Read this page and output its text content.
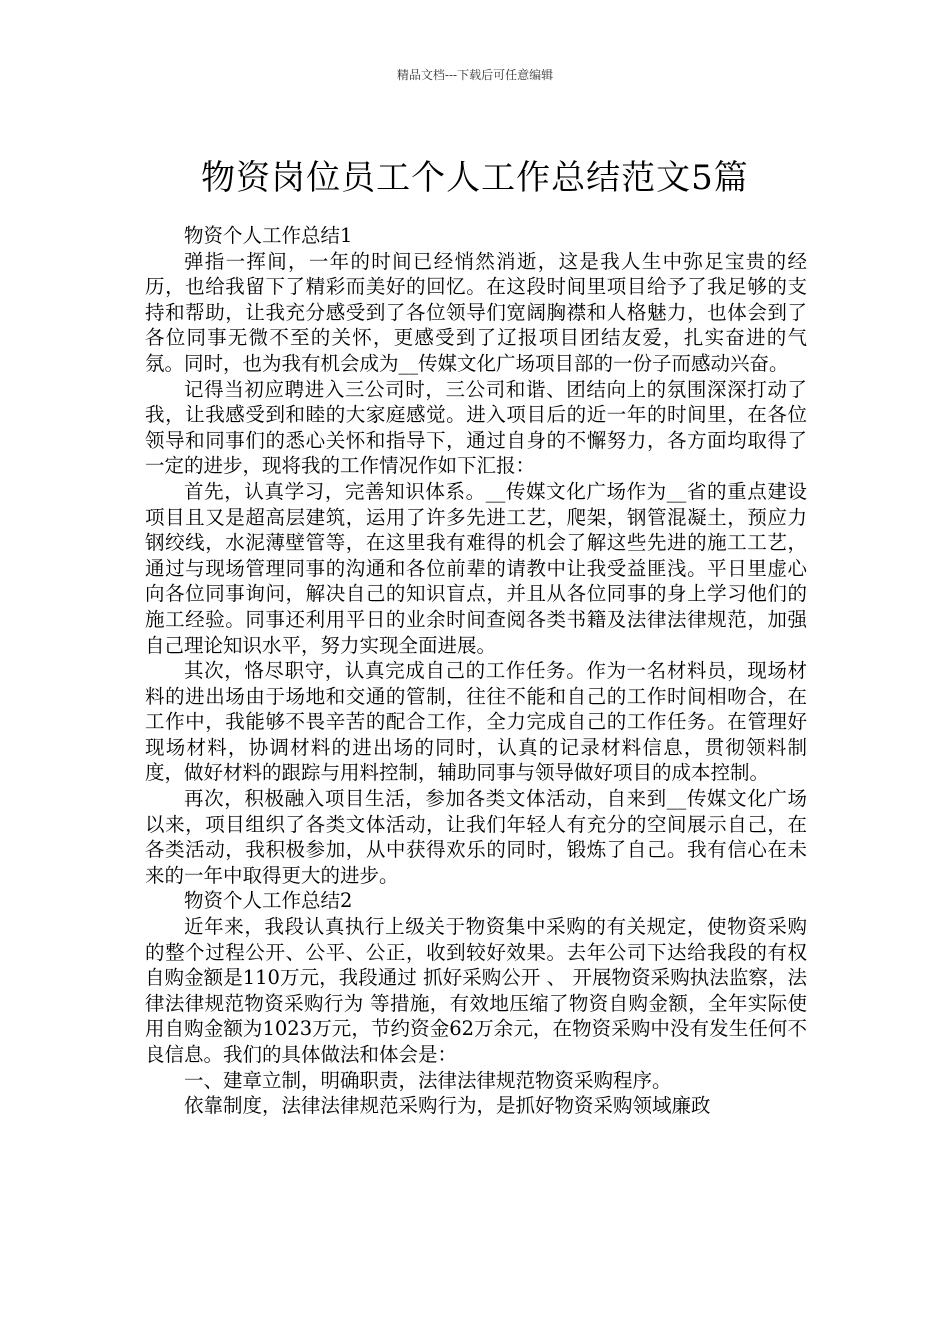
精品文档---下载后可任意编辑
物资岗位员工个人工作总结范文5篇

物资个人工作总结1

弹指一挥间，一年的时间已经悄然消逝，这是我人生中弥足宝贵的经历，也给我留下了精彩而美好的回忆。在这段时间里项目给予了我足够的支持和帮助，让我充分感受到了各位领导们宽阔胸襟和人格魅力，也体会到了各位同事无微不至的关怀，更感受到了辽报项目团结友爱，扎实奋进的气氛。同时，也为我有机会成为__传媒文化广场项目部的一份子而感动兴奋。

记得当初应聘进入三公司时，三公司和谐、团结向上的氛围深深打动了我，让我感受到和睦的大家庭感觉。进入项目后的近一年的时间里，在各位领导和同事们的悉心关怀和指导下，通过自身的不懈努力，各方面均取得了一定的进步，现将我的工作情况作如下汇报：

首先，认真学习，完善知识体系。__传媒文化广场作为__省的重点建设项目且又是超高层建筑，运用了许多先进工艺，爬架，钢管混凝土，预应力钢绞线，水泥薄壁管等，在这里我有难得的机会了解这些先进的施工工艺，通过与现场管理同事的沟通和各位前辈的请教中让我受益匪浅。平日里虚心向各位同事询问，解决自己的知识盲点，并且从各位同事的身上学习他们的施工经验。同事还利用平日的业余时间查阅各类书籍及法律法律规范，加强自己理论知识水平，努力实现全面进展。

其次，恪尽职守，认真完成自己的工作任务。作为一名材料员，现场材料的进出场由于场地和交通的管制，往往不能和自己的工作时间相吻合，在工作中，我能够不畏辛苦的配合工作，全力完成自己的工作任务。在管理好现场材料，协调材料的进出场的同时，认真的记录材料信息，贯彻领料制度，做好材料的跟踪与用料控制，辅助同事与领导做好项目的成本控制。

再次，积极融入项目生活，参加各类文体活动，自来到__传媒文化广场以来，项目组织了各类文体活动，让我们年轻人有充分的空间展示自己，在各类活动，我积极参加，从中获得欢乐的同时，锻炼了自己。我有信心在未来的一年中取得更大的进步。

物资个人工作总结2

近年来，我段认真执行上级关于物资集中采购的有关规定，使物资采购的整个过程公开、公平、公正，收到较好效果。去年公司下达给我段的有权自购金额是110万元，我段通过 抓好采购公开 、 开展物资采购执法监察，法律法律规范物资采购行为 等措施，有效地压缩了物资自购金额，全年实际使用自购金额为1023万元，节约资金62万余元，在物资采购中没有发生任何不良信息。我们的具体做法和体会是：

一、建章立制，明确职责，法律法律规范物资采购程序。

依靠制度，法律法律规范采购行为，是抓好物资采购领域廉政
